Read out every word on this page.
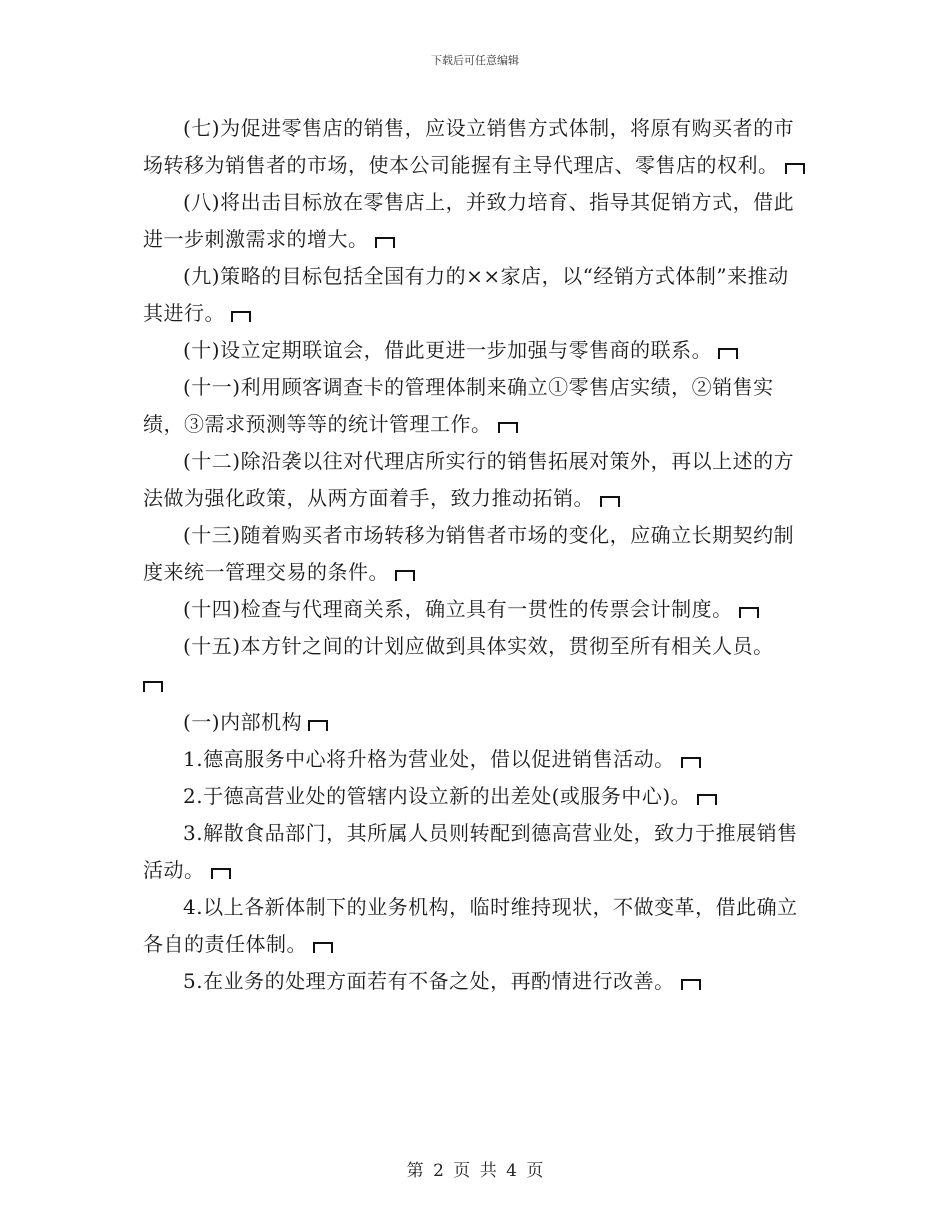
下载后可任意编辑

(七)为促进零售店的销售，应设立销售方式体制，将原有购买者的市场转移为销售者的市场，使本公司能握有主导代理店、零售店的权利。

(八)将出击目标放在零售店上，并致力培育、指导其促销方式，借此进一步刺激需求的增大。

(九)策略的目标包括全国有力的××家店，以“经销方式体制”来推动其进行。

(十)设立定期联谊会，借此更进一步加强与零售商的联系。

(十一)利用顾客调查卡的管理体制来确立①零售店实绩，②销售实绩，③需求预测等等的统计管理工作。

(十二)除沿袭以往对代理店所实行的销售拓展对策外，再以上述的方法做为强化政策，从两方面着手，致力推动拓销。

(十三)随着购买者市场转移为销售者市场的变化，应确立长期契约制度来统一管理交易的条件。

(十四)检查与代理商关系，确立具有一贯性的传票会计制度。

(十五)本方针之间的计划应做到具体实效，贯彻至所有相关人员。

(一)内部机构

1.德高服务中心将升格为营业处，借以促进销售活动。

2.于德高营业处的管辖内设立新的出差处(或服务中心)。

3.解散食品部门，其所属人员则转配到德高营业处，致力于推展销售活动。

4.以上各新体制下的业务机构，临时维持现状，不做变革，借此确立各自的责任体制。

5.在业务的处理方面若有不备之处，再酌情进行改善。

第 2 页 共 4 页
